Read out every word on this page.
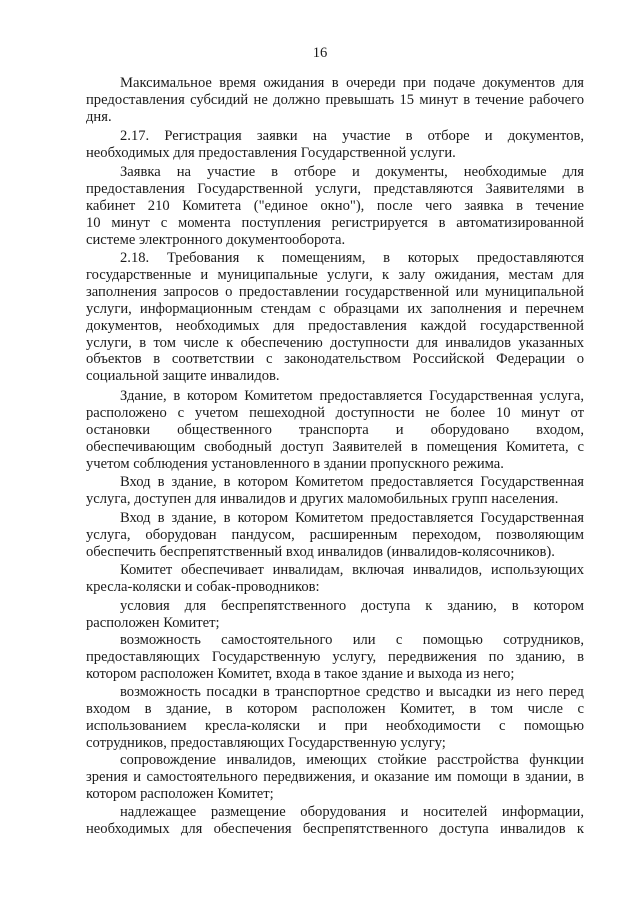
16
Максимальное время ожидания в очереди при подаче документов для
предоставления субсидий не должно превышать 15 минут в течение рабочего
дня.
2.17. Регистрация заявки на участие в отборе и документов,
необходимых для предоставления Государственной услуги.
Заявка на участие в отборе и документы, необходимые для
предоставления Государственной услуги, представляются Заявителями в
кабинет 210 Комитета ("единое окно"), после чего заявка в течение
10 минут с момента поступления регистрируется в автоматизированной
системе электронного документооборота.
2.18. Требования к помещениям, в которых предоставляются
государственные и муниципальные услуги, к залу ожидания, местам для
заполнения запросов о предоставлении государственной или муниципальной
услуги, информационным стендам с образцами их заполнения и перечнем
документов, необходимых для предоставления каждой государственной
услуги, в том числе к обеспечению доступности для инвалидов указанных
объектов в соответствии с законодательством Российской Федерации о
социальной защите инвалидов.
Здание, в котором Комитетом предоставляется Государственная услуга,
расположено с учетом пешеходной доступности не более 10 минут от
остановки общественного транспорта и оборудовано входом,
обеспечивающим свободный доступ Заявителей в помещения Комитета, с
учетом соблюдения установленного в здании пропускного режима.
Вход в здание, в котором Комитетом предоставляется Государственная
услуга, доступен для инвалидов и других маломобильных групп населения.
Вход в здание, в котором Комитетом предоставляется Государственная
услуга, оборудован пандусом, расширенным переходом, позволяющим
обеспечить беспрепятственный вход инвалидов (инвалидов-колясочников).
Комитет обеспечивает инвалидам, включая инвалидов, использующих
кресла-коляски и собак-проводников:
условия для беспрепятственного доступа к зданию, в котором
расположен Комитет;
возможность самостоятельного или с помощью сотрудников,
предоставляющих Государственную услугу, передвижения по зданию, в
котором расположен Комитет, входа в такое здание и выхода из него;
возможность посадки в транспортное средство и высадки из него перед
входом в здание, в котором расположен Комитет, в том числе с
использованием кресла-коляски и при необходимости с помощью
сотрудников, предоставляющих Государственную услугу;
сопровождение инвалидов, имеющих стойкие расстройства функции
зрения и самостоятельного передвижения, и оказание им помощи в здании, в
котором расположен Комитет;
надлежащее размещение оборудования и носителей информации,
необходимых для обеспечения беспрепятственного доступа инвалидов к
